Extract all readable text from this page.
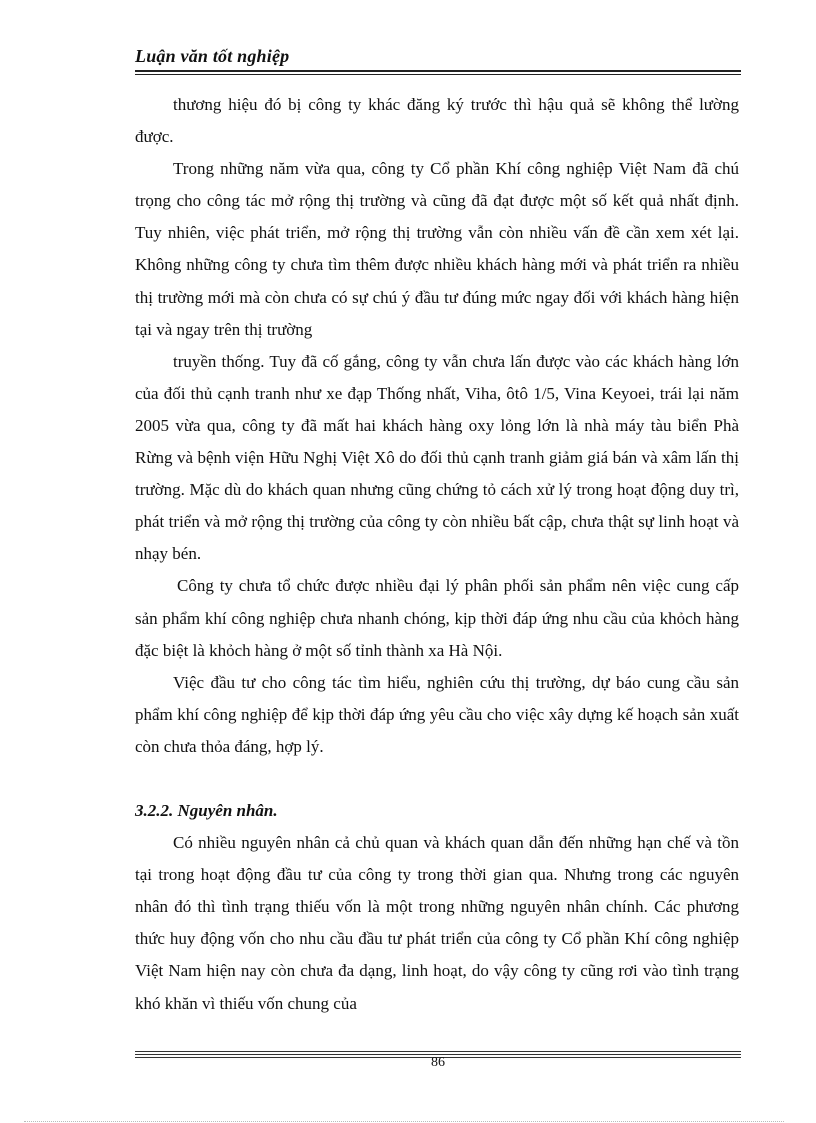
Luận văn tốt nghiệp

thương hiệu đó bị công ty khác đăng ký trước thì hậu quả sẽ không thể lường được.

Trong những năm vừa qua, công ty Cổ phần Khí công nghiệp Việt Nam đã chú trọng cho công tác mở rộng thị trường và cũng đã đạt được một số kết quả nhất định. Tuy nhiên, việc phát triển, mở rộng thị trường vẫn còn nhiều vấn đề cần xem xét lại. Không những công ty chưa tìm thêm được nhiều khách hàng mới và phát triển ra nhiều thị trường mới mà còn chưa có sự chú ý đầu tư đúng mức ngay đối với khách hàng hiện tại và ngay trên thị trường

truyền thống. Tuy đã cố gắng, công ty vẫn chưa lấn được vào các khách hàng lớn của đối thủ cạnh tranh như xe đạp Thống nhất, Viha, ôtô 1/5, Vina Keyoei, trái lại năm 2005 vừa qua, công ty đã mất hai khách hàng oxy lỏng lớn là nhà máy tàu biển Phà Rừng và bệnh viện Hữu Nghị Việt Xô do đối thủ cạnh tranh giảm giá bán và xâm lấn thị trường. Mặc dù do khách quan nhưng cũng chứng tỏ cách xử lý trong hoạt động duy trì, phát triển và mở rộng thị trường của công ty còn nhiều bất cập, chưa thật sự linh hoạt và nhạy bén.

Công ty chưa tổ chức được nhiều đại lý phân phối sản phẩm nên việc cung cấp sản phẩm khí công nghiệp chưa nhanh chóng, kịp thời đáp ứng nhu cầu của khỏch hàng đặc biệt là khỏch hàng ở một số tỉnh thành xa Hà Nội.

Việc đầu tư cho công tác tìm hiểu, nghiên cứu thị trường, dự báo cung cầu sản phẩm khí công nghiệp để kịp thời đáp ứng yêu cầu cho việc xây dựng kế hoạch sản xuất còn chưa thỏa đáng, hợp lý.

3.2.2. Nguyên nhân.

Có nhiều nguyên nhân cả chủ quan và khách quan dẫn đến những hạn chế và tồn tại trong hoạt động đầu tư của công ty trong thời gian qua. Nhưng trong các nguyên nhân đó thì tình trạng thiếu vốn là một trong những nguyên nhân chính. Các phương thức huy động vốn cho nhu cầu đầu tư phát triển của công ty Cổ phần Khí công nghiệp Việt Nam hiện nay còn chưa đa dạng, linh hoạt, do vậy công ty cũng rơi vào tình trạng khó khăn vì thiếu vốn chung của

86
